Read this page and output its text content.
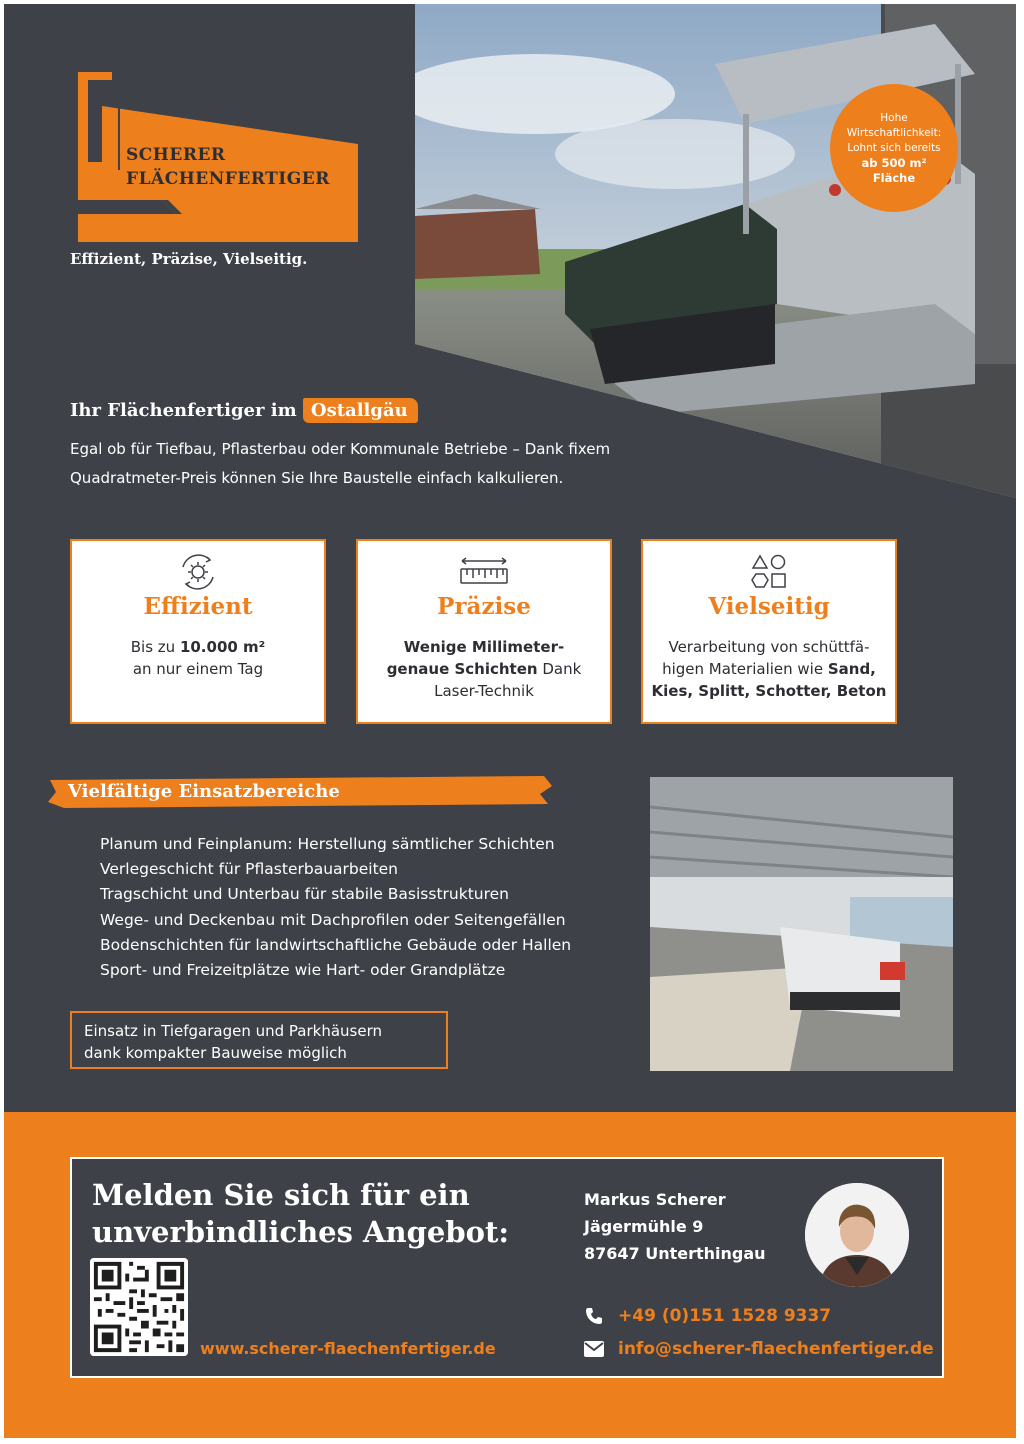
SCHERER
FLÄCHENFERTIGER
Effizient, Präzise, Vielseitig.
Hohe
Wirtschaftlichkeit:
Lohnt sich bereits
ab 500 m²
Fläche
Ihr Flächenfertiger im Ostallgäu
Egal ob für Tiefbau, Pflasterbau oder Kommunale Betriebe – Dank fixem
Quadratmeter-Preis können Sie Ihre Baustelle einfach kalkulieren.
Effizient
Bis zu 10.000 m²
an nur einem Tag
Präzise
Wenige Millimeter-
genaue Schichten Dank
Laser-Technik
Vielseitig
Verarbeitung von schüttfä-
higen Materialien wie Sand,
Kies, Splitt, Schotter, Beton
Vielfältige Einsatzbereiche
Planum und Feinplanum: Herstellung sämtlicher Schichten
Verlegeschicht für Pflasterbauarbeiten
Tragschicht und Unterbau für stabile Basisstrukturen
Wege- und Deckenbau mit Dachprofilen oder Seitengefällen
Bodenschichten für landwirtschaftliche Gebäude oder Hallen
Sport- und Freizeitplätze wie Hart- oder Grandplätze
Einsatz in Tiefgaragen und Parkhäusern
dank kompakter Bauweise möglich
Melden Sie sich für ein
unverbindliches Angebot:
www.scherer-flaechenfertiger.de
Markus Scherer
Jägermühle 9
87647 Unterthingau
+49 (0)151 1528 9337
info@scherer-flaechenfertiger.de
